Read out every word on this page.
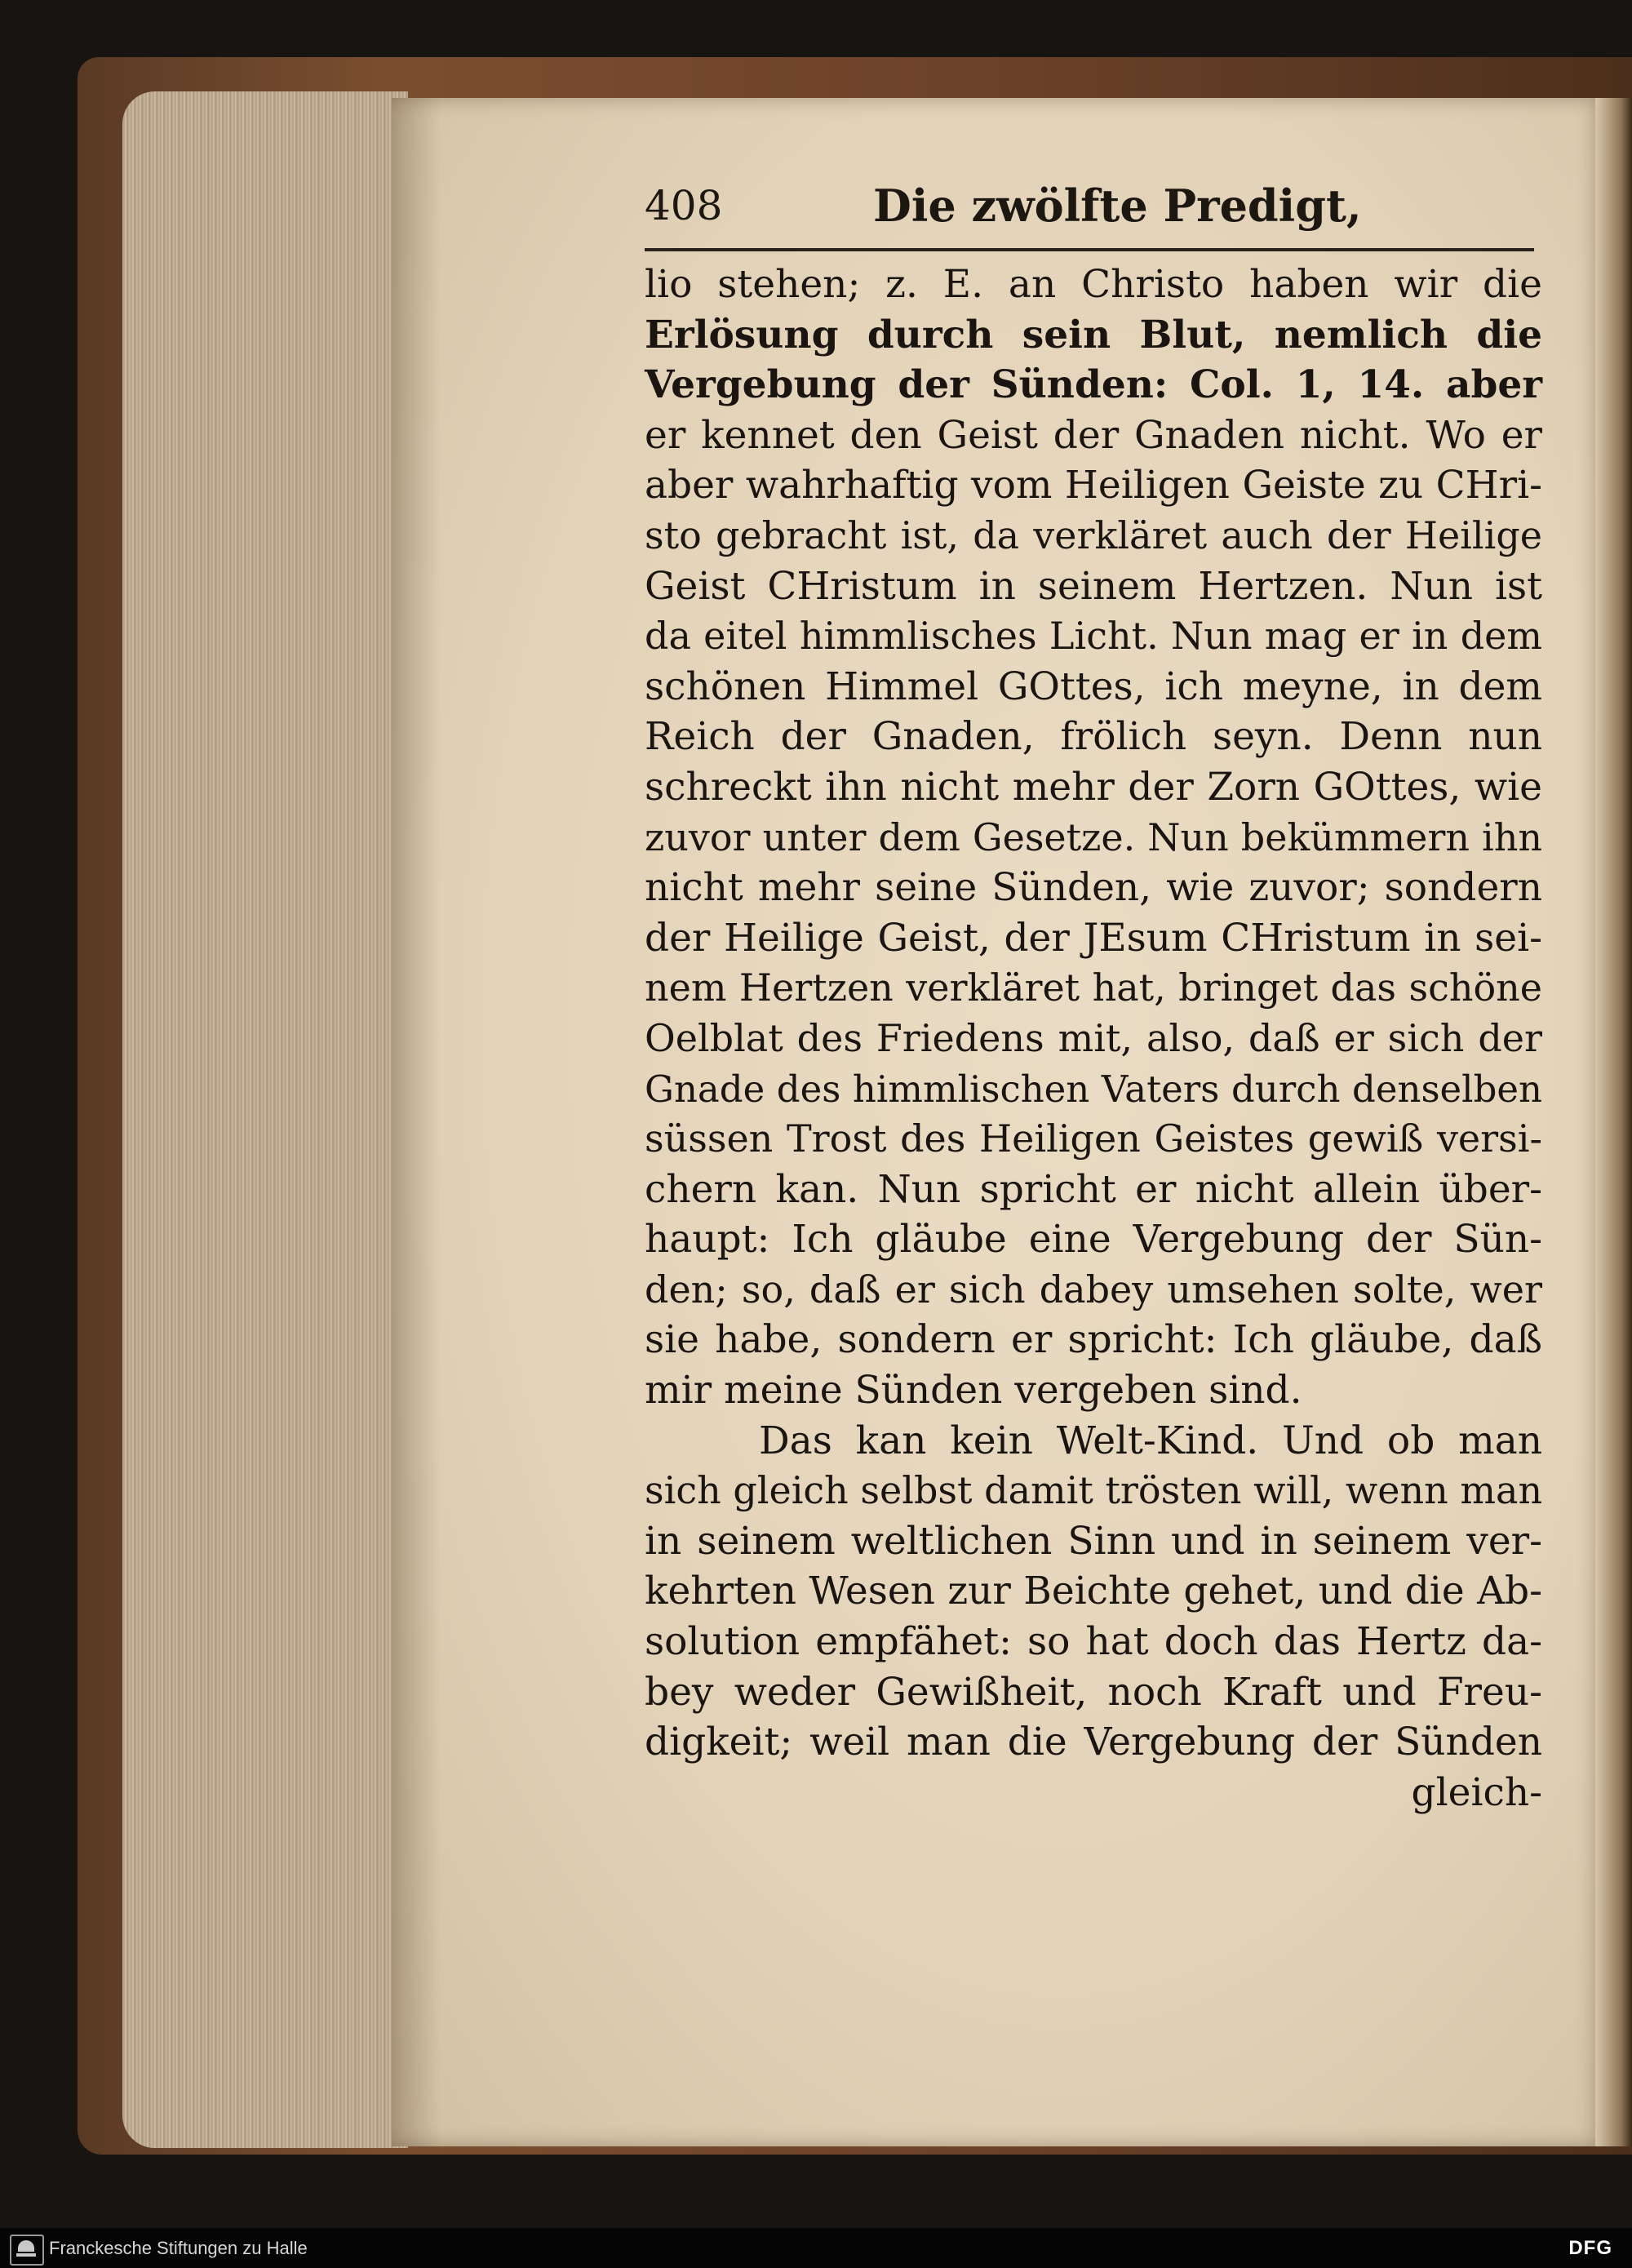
408	Die zwölfte Predigt,
lio stehen; z. E. an Christo haben wir die
Erlösung durch sein Blut, nemlich die
Vergebung der Sünden: Col. 1, 14. aber
er kennet den Geist der Gnaden nicht. Wo er
aber wahrhaftig vom Heiligen Geiste zu CHri-
sto gebracht ist, da verkläret auch der Heilige
Geist CHristum in seinem Hertzen. Nun ist
da eitel himmlisches Licht. Nun mag er in dem
schönen Himmel GOttes, ich meyne, in dem
Reich der Gnaden, frölich seyn. Denn nun
schreckt ihn nicht mehr der Zorn GOttes, wie
zuvor unter dem Gesetze. Nun bekümmern ihn
nicht mehr seine Sünden, wie zuvor; sondern
der Heilige Geist, der JEsum CHristum in sei-
nem Hertzen verkläret hat, bringet das schöne
Oelblat des Friedens mit, also, daß er sich der
Gnade des himmlischen Vaters durch denselben
süssen Trost des Heiligen Geistes gewiß versi-
chern kan. Nun spricht er nicht allein über-
haupt: Ich gläube eine Vergebung der Sün-
den; so, daß er sich dabey umsehen solte, wer
sie habe, sondern er spricht: Ich gläube, daß
mir meine Sünden vergeben sind.
Das kan kein Welt-Kind. Und ob man
sich gleich selbst damit trösten will, wenn man
in seinem weltlichen Sinn und in seinem ver-
kehrten Wesen zur Beichte gehet, und die Ab-
solution empfähet: so hat doch das Hertz da-
bey weder Gewißheit, noch Kraft und Freu-
digkeit; weil man die Vergebung der Sünden
gleich-
Franckesche Stiftungen zu Halle	DFG
